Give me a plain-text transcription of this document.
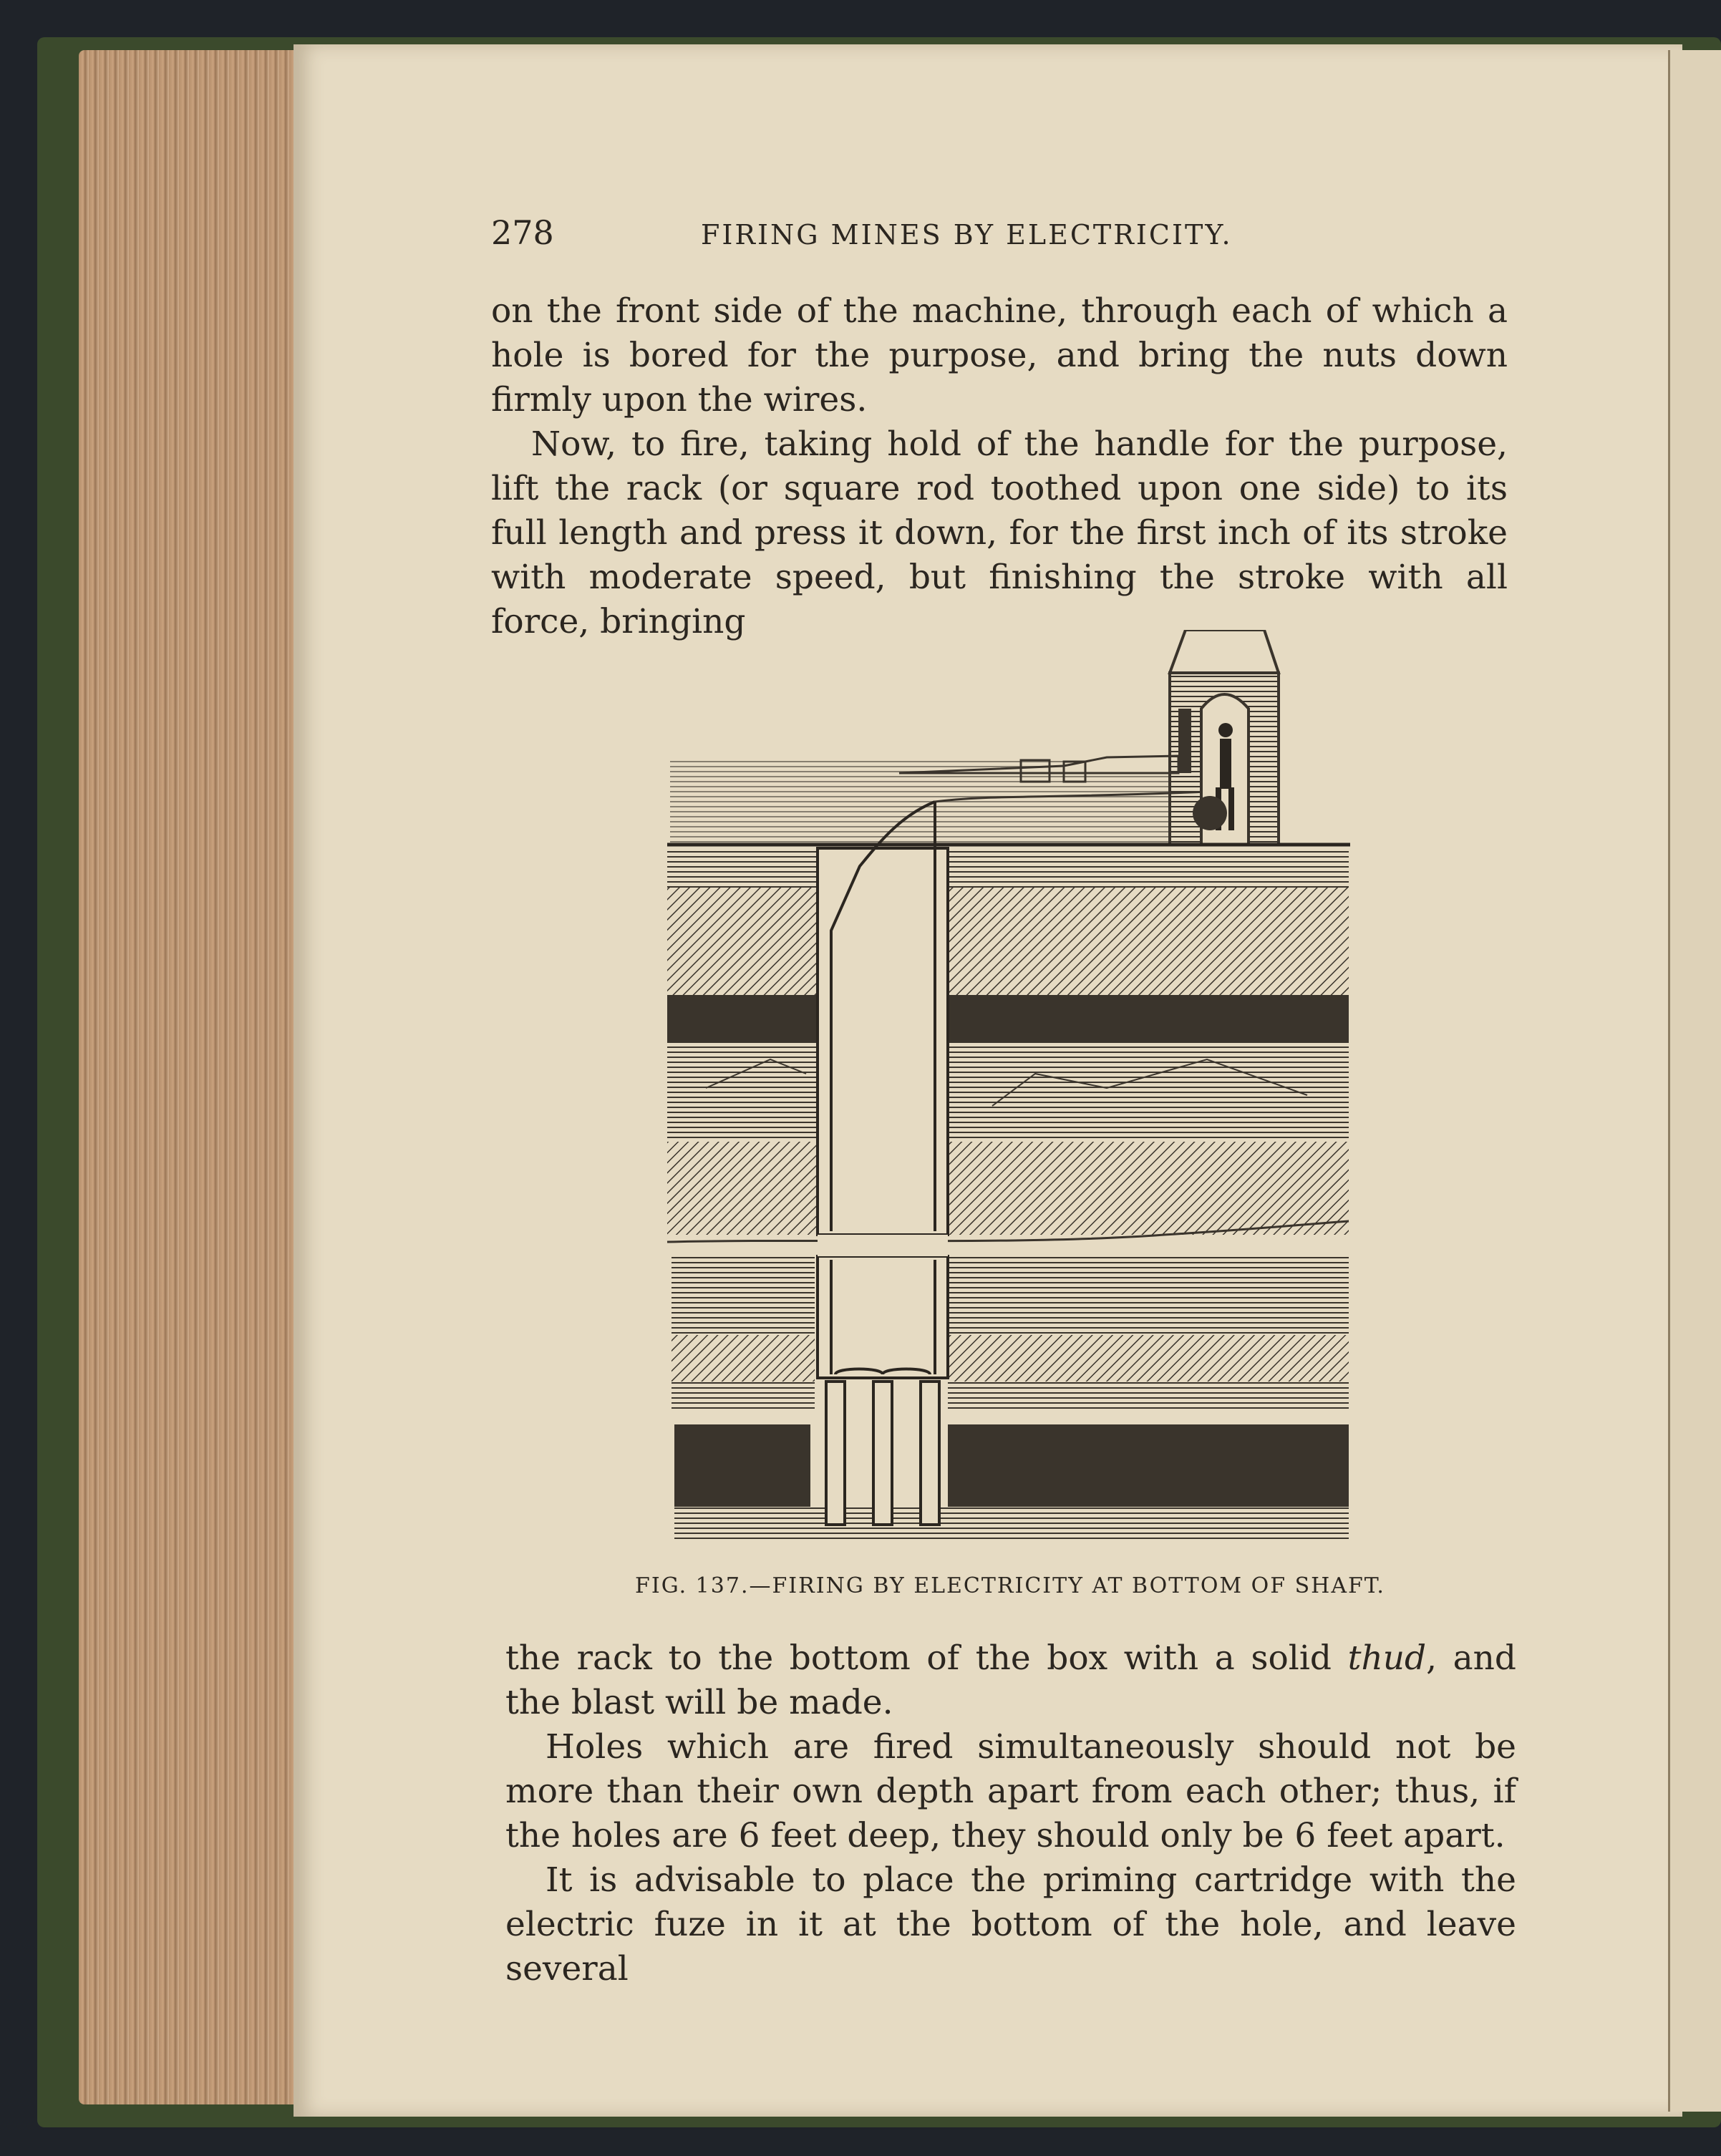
278	FIRING MINES BY ELECTRICITY.

on the front side of the machine, through each of which a hole is bored for the purpose, and bring the nuts down firmly upon the wires.

Now, to fire, taking hold of the handle for the purpose, lift the rack (or square rod toothed upon one side) to its full length and press it down, for the first inch of its stroke with moderate speed, but finishing the stroke with all force, bringing

FIG. 137.—FIRING BY ELECTRICITY AT BOTTOM OF SHAFT.

the rack to the bottom of the box with a solid thud, and the blast will be made.

Holes which are fired simultaneously should not be more than their own depth apart from each other; thus, if the holes are 6 feet deep, they should only be 6 feet apart.

It is advisable to place the priming cartridge with the electric fuze in it at the bottom of the hole, and leave several
